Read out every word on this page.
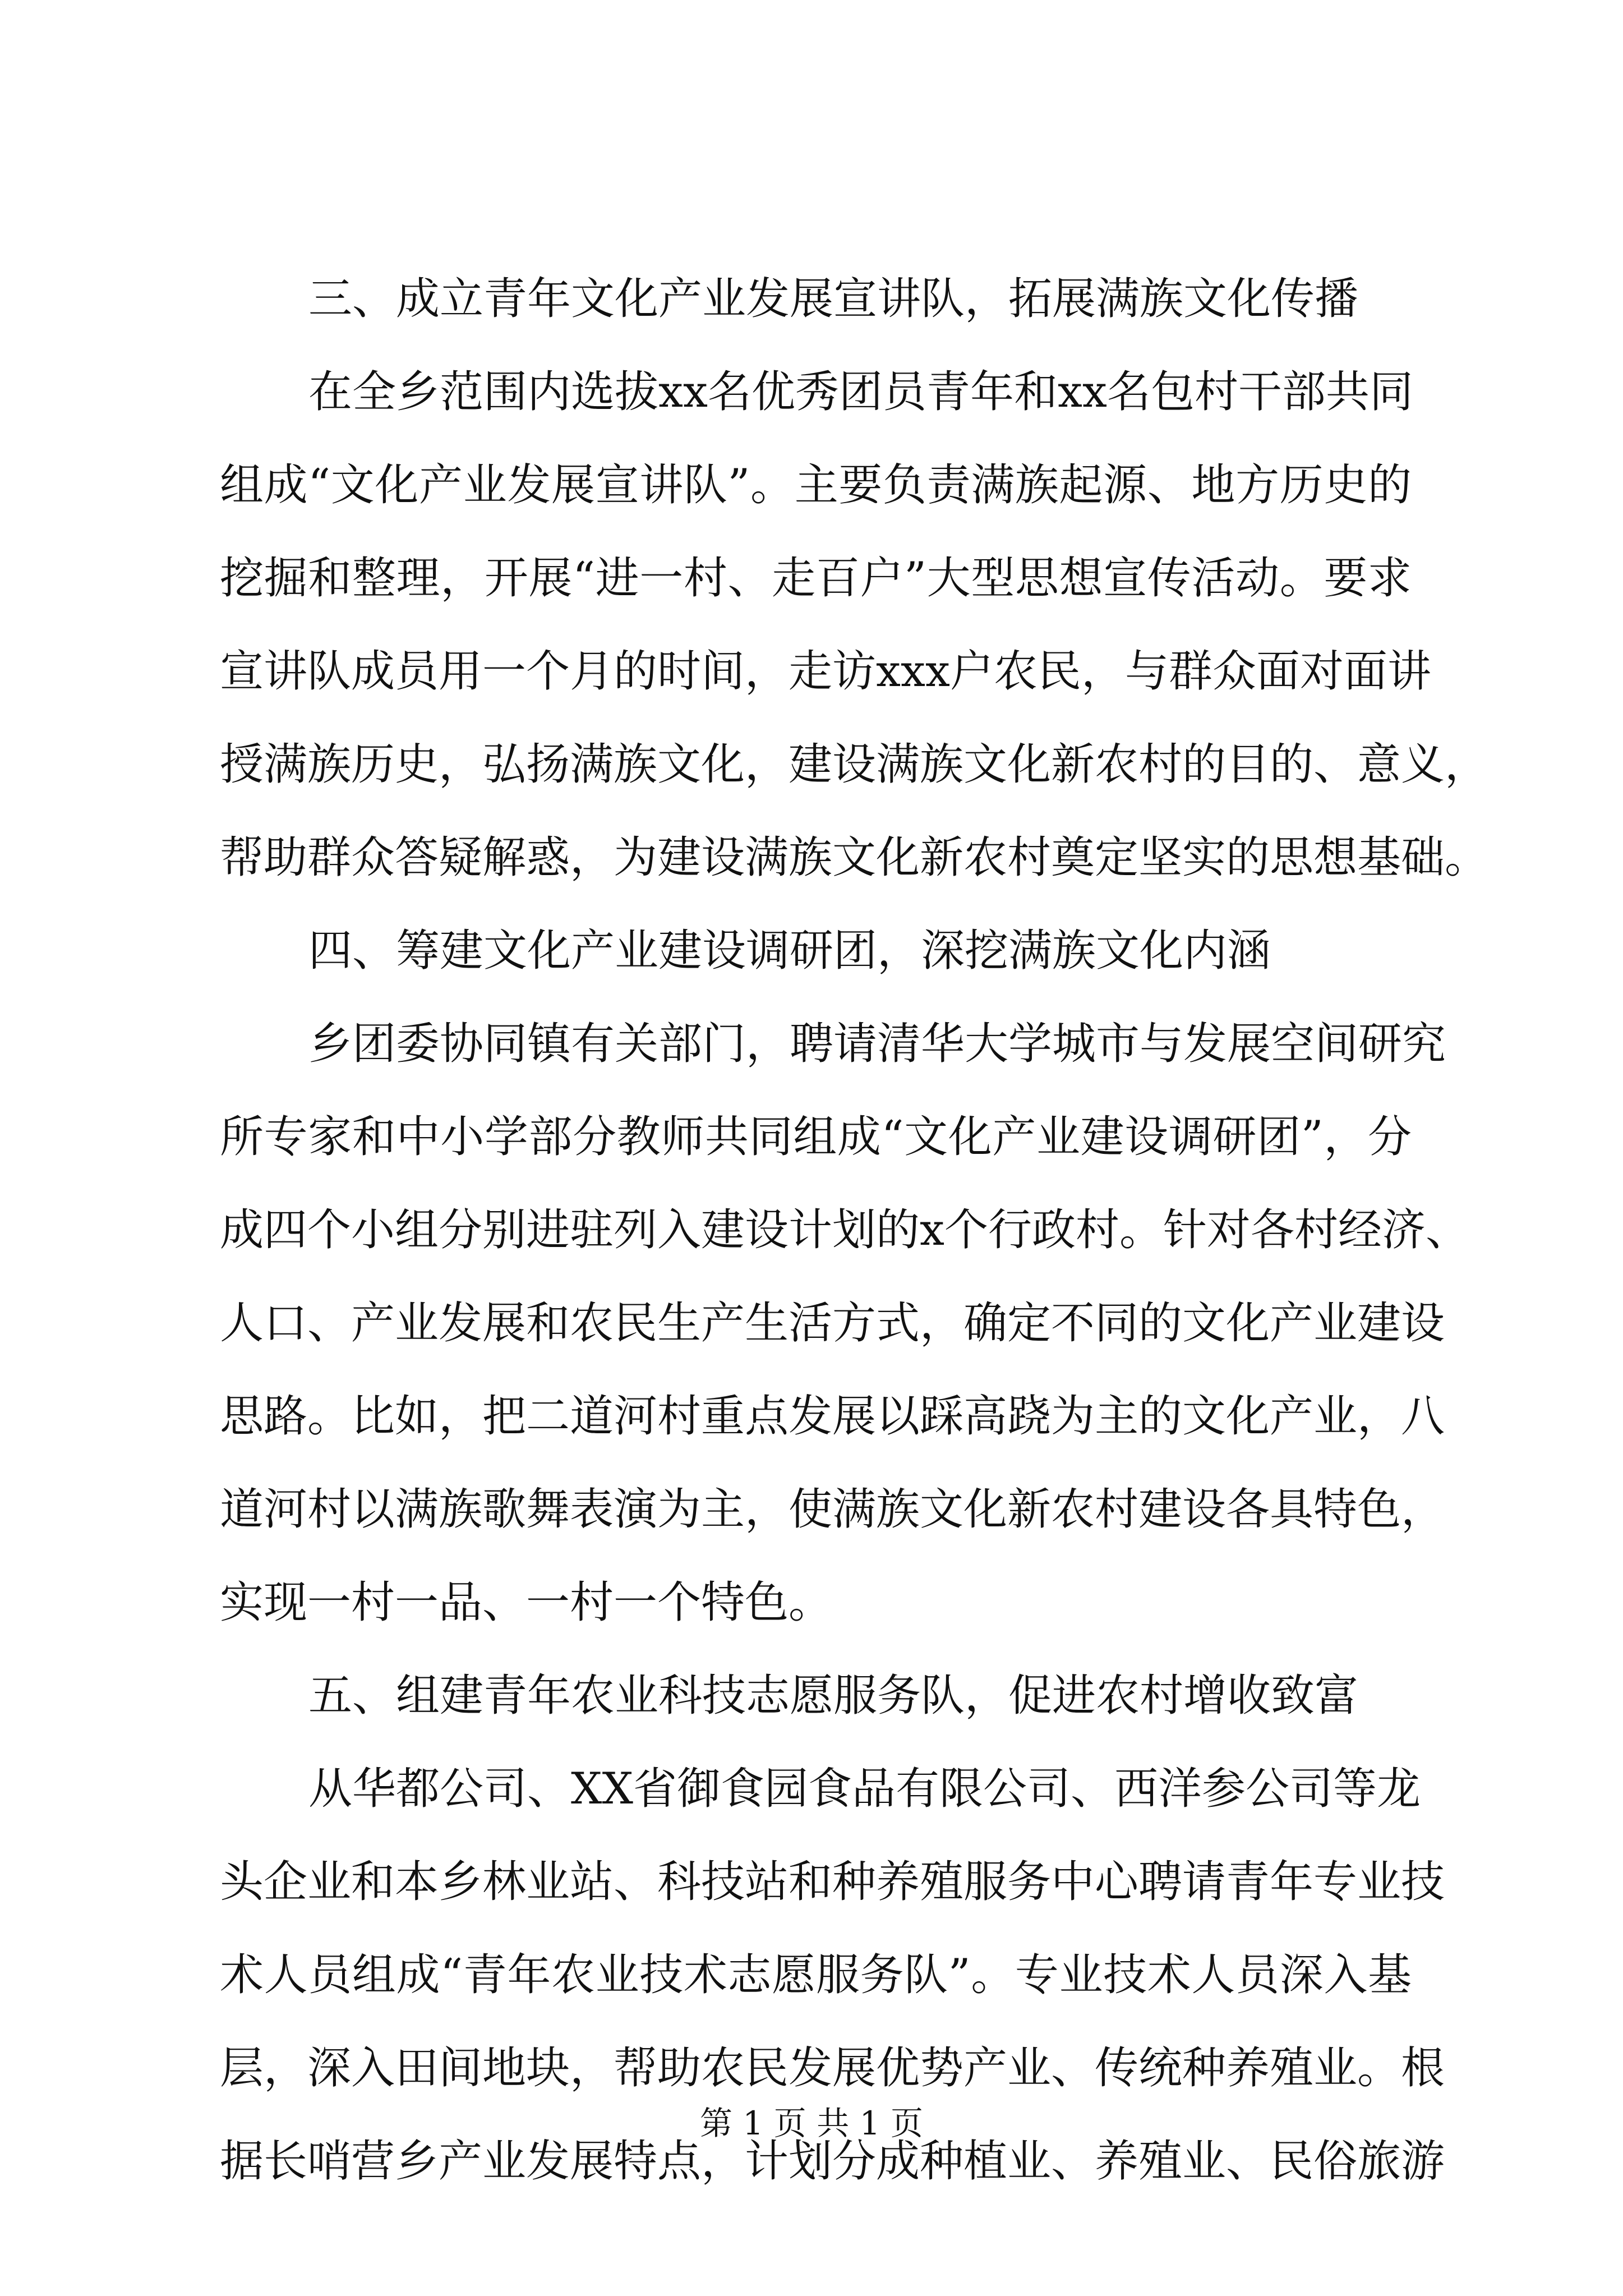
三、成立青年文化产业发展宣讲队，拓展满族文化传播
在全乡范围内选拔xx名优秀团员青年和xx名包村干部共同
组成“文化产业发展宣讲队”。主要负责满族起源、地方历史的
挖掘和整理，开展“进一村、走百户”大型思想宣传活动。要求
宣讲队成员用一个月的时间，走访xxx户农民，与群众面对面讲
授满族历史，弘扬满族文化，建设满族文化新农村的目的、意义，
帮助群众答疑解惑，为建设满族文化新农村奠定坚实的思想基础。
四、筹建文化产业建设调研团，深挖满族文化内涵
乡团委协同镇有关部门，聘请清华大学城市与发展空间研究
所专家和中小学部分教师共同组成“文化产业建设调研团”，分
成四个小组分别进驻列入建设计划的x个行政村。针对各村经济、
人口、产业发展和农民生产生活方式，确定不同的文化产业建设
思路。比如，把二道河村重点发展以踩高跷为主的文化产业，八
道河村以满族歌舞表演为主，使满族文化新农村建设各具特色，
实现一村一品、一村一个特色。
五、组建青年农业科技志愿服务队，促进农村增收致富
从华都公司、XX省御食园食品有限公司、西洋参公司等龙
头企业和本乡林业站、科技站和种养殖服务中心聘请青年专业技
术人员组成“青年农业技术志愿服务队”。专业技术人员深入基
层，深入田间地块，帮助农民发展优势产业、传统种养殖业。根
据长哨营乡产业发展特点，计划分成种植业、养殖业、民俗旅游
第 1 页 共 1 页
